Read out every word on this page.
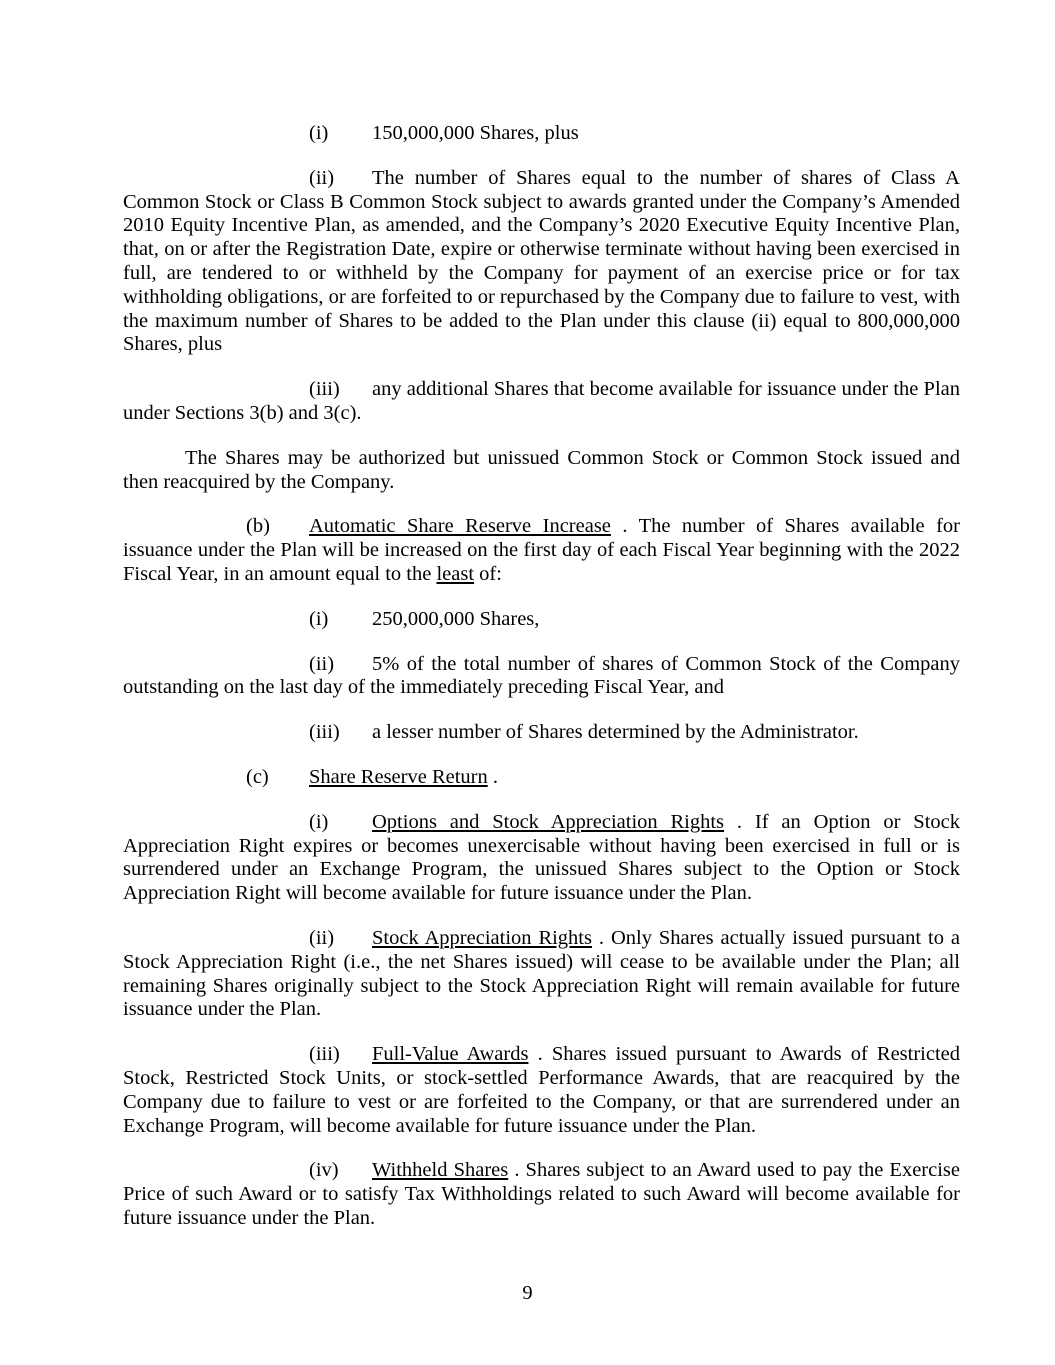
(i) 150,000,000 Shares, plus

(ii) The number of Shares equal to the number of shares of Class A Common Stock or Class B Common Stock subject to awards granted under the Company’s Amended 2010 Equity Incentive Plan, as amended, and the Company’s 2020 Executive Equity Incentive Plan, that, on or after the Registration Date, expire or otherwise terminate without having been exercised in full, are tendered to or withheld by the Company for payment of an exercise price or for tax withholding obligations, or are forfeited to or repurchased by the Company due to failure to vest, with the maximum number of Shares to be added to the Plan under this clause (ii) equal to 800,000,000 Shares, plus

(iii) any additional Shares that become available for issuance under the Plan under Sections 3(b) and 3(c).

The Shares may be authorized but unissued Common Stock or Common Stock issued and then reacquired by the Company.

(b) Automatic Share Reserve Increase . The number of Shares available for issuance under the Plan will be increased on the first day of each Fiscal Year beginning with the 2022 Fiscal Year, in an amount equal to the least of:

(i) 250,000,000 Shares,

(ii) 5% of the total number of shares of Common Stock of the Company outstanding on the last day of the immediately preceding Fiscal Year, and

(iii) a lesser number of Shares determined by the Administrator.

(c) Share Reserve Return .

(i) Options and Stock Appreciation Rights . If an Option or Stock Appreciation Right expires or becomes unexercisable without having been exercised in full or is surrendered under an Exchange Program, the unissued Shares subject to the Option or Stock Appreciation Right will become available for future issuance under the Plan.

(ii) Stock Appreciation Rights . Only Shares actually issued pursuant to a Stock Appreciation Right (i.e., the net Shares issued) will cease to be available under the Plan; all remaining Shares originally subject to the Stock Appreciation Right will remain available for future issuance under the Plan.

(iii) Full-Value Awards . Shares issued pursuant to Awards of Restricted Stock, Restricted Stock Units, or stock-settled Performance Awards, that are reacquired by the Company due to failure to vest or are forfeited to the Company, or that are surrendered under an Exchange Program, will become available for future issuance under the Plan.

(iv) Withheld Shares . Shares subject to an Award used to pay the Exercise Price of such Award or to satisfy Tax Withholdings related to such Award will become available for future issuance under the Plan.

9
